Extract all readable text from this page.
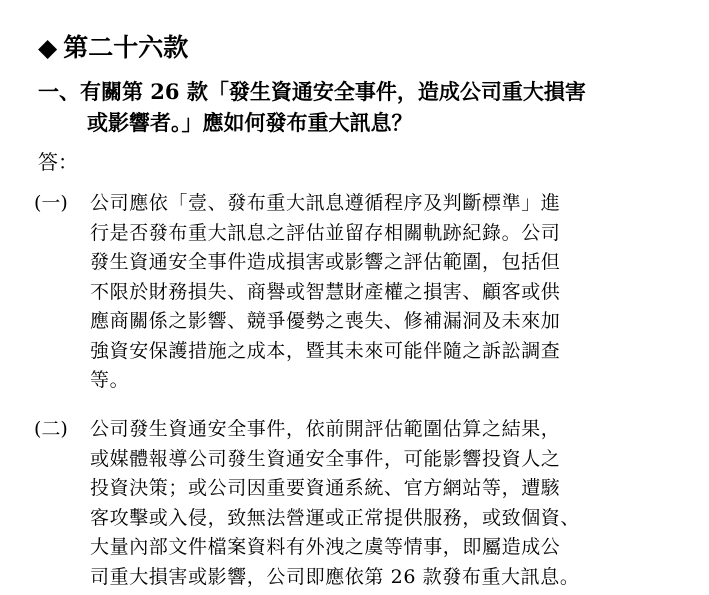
◆ 第二十六款
一、有關第 26 款「發生資通安全事件，造成公司重大損害
或影響者。」應如何發布重大訊息？
答：
(一) 公司應依「壹、發布重大訊息遵循程序及判斷標準」進
行是否發布重大訊息之評估並留存相關軌跡紀錄。公司
發生資通安全事件造成損害或影響之評估範圍，包括但
不限於財務損失、商譽或智慧財產權之損害、顧客或供
應商關係之影響、競爭優勢之喪失、修補漏洞及未來加
強資安保護措施之成本，暨其未來可能伴隨之訴訟調查
等。
(二) 公司發生資通安全事件，依前開評估範圍估算之結果，
或媒體報導公司發生資通安全事件，可能影響投資人之
投資決策；或公司因重要資通系統、官方網站等，遭駭
客攻擊或入侵，致無法營運或正常提供服務，或致個資、
大量內部文件檔案資料有外洩之虞等情事，即屬造成公
司重大損害或影響，公司即應依第 26 款發布重大訊息。
